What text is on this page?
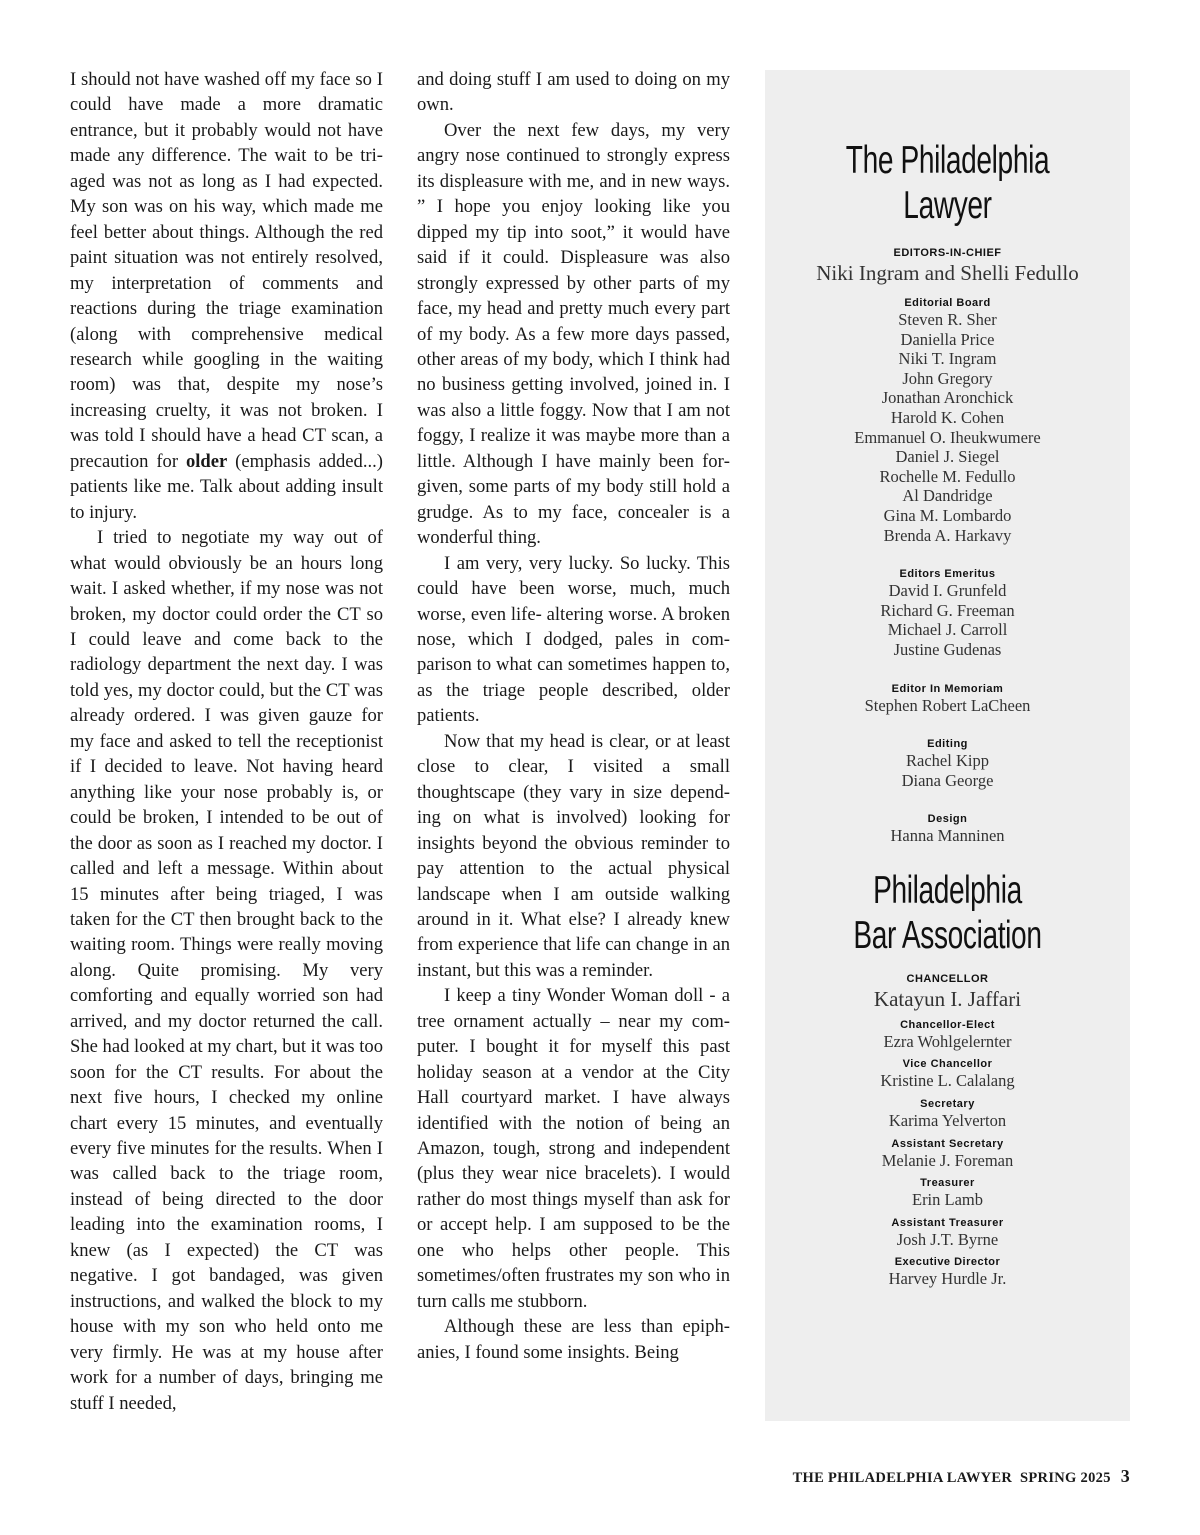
I should not have washed off my face so I could have made a more dramatic entrance, but it probably would not have made any difference. The wait to be triaged was not as long as I had expected. My son was on his way, which made me feel better about things. Although the red paint situation was not entirely resolved, my interpretation of comments and reactions during the triage examination (along with comprehensive medical research while googling in the waiting room) was that, despite my nose’s increasing cruelty, it was not broken. I was told I should have a head CT scan, a precaution for older (emphasis added...) patients like me. Talk about adding insult to injury.

I tried to negotiate my way out of what would obviously be an hours long wait. I asked whether, if my nose was not broken, my doctor could order the CT so I could leave and come back to the radiology department the next day. I was told yes, my doctor could, but the CT was already ordered. I was given gauze for my face and asked to tell the receptionist if I decided to leave. Not having heard anything like your nose probably is, or could be broken, I intended to be out of the door as soon as I reached my doctor. I called and left a message. Within about 15 minutes after being triaged, I was taken for the CT then brought back to the waiting room. Things were really moving along. Quite promising. My very comforting and equally worried son had arrived, and my doctor returned the call. She had looked at my chart, but it was too soon for the CT results. For about the next five hours, I checked my online chart every 15 minutes, and eventually every five minutes for the results. When I was called back to the triage room, instead of being directed to the door leading into the examination rooms, I knew (as I expected) the CT was negative. I got bandaged, was given instructions, and walked the block to my house with my son who held onto me very firmly. He was at my house after work for a number of days, bringing me stuff I needed,

and doing stuff I am used to doing on my own.

Over the next few days, my very angry nose continued to strongly express its displeasure with me, and in new ways. ” I hope you enjoy looking like you dipped my tip into soot,” it would have said if it could. Displeasure was also strongly expressed by other parts of my face, my head and pretty much every part of my body. As a few more days passed, other areas of my body, which I think had no business getting involved, joined in. I was also a little foggy. Now that I am not foggy, I realize it was maybe more than a little. Although I have mainly been forgiven, some parts of my body still hold a grudge. As to my face, concealer is a wonderful thing.

I am very, very lucky. So lucky. This could have been worse, much, much worse, even life- altering worse. A broken nose, which I dodged, pales in comparison to what can sometimes happen to, as the triage people described, older patients.

Now that my head is clear, or at least close to clear, I visited a small thoughtscape (they vary in size depending on what is involved) looking for insights beyond the obvious reminder to pay attention to the actual physical landscape when I am outside walking around in it. What else? I already knew from experience that life can change in an instant, but this was a reminder.

I keep a tiny Wonder Woman doll - a tree ornament actually – near my computer. I bought it for myself this past holiday season at a vendor at the City Hall courtyard market. I have always identified with the notion of being an Amazon, tough, strong and independent (plus they wear nice bracelets). I would rather do most things myself than ask for or accept help. I am supposed to be the one who helps other people. This sometimes/often frustrates my son who in turn calls me stubborn.

Although these are less than epiphanies, I found some insights. Being

The Philadelphia
Lawyer

EDITORS-IN-CHIEF

Niki Ingram and Shelli Fedullo

Editorial Board

Steven R. Sher
Daniella Price
Niki T. Ingram
John Gregory
Jonathan Aronchick
Harold K. Cohen
Emmanuel O. Iheukwumere
Daniel J. Siegel
Rochelle M. Fedullo
Al Dandridge
Gina M. Lombardo
Brenda A. Harkavy

Editors Emeritus

David I. Grunfeld
Richard G. Freeman
Michael J. Carroll
Justine Gudenas

Editor In Memoriam

Stephen Robert LaCheen

Editing

Rachel Kipp
Diana George

Design

Hanna Manninen

Philadelphia
Bar Association

CHANCELLOR

Katayun I. Jaffari

Chancellor-Elect

Ezra Wohlgelernter

Vice Chancellor

Kristine L. Calalang

Secretary

Karima Yelverton

Assistant Secretary

Melanie J. Foreman

Treasurer

Erin Lamb

Assistant Treasurer

Josh J.T. Byrne

Executive Director

Harvey Hurdle Jr.

THE PHILADELPHIA LAWYER SPRING 2025 3
